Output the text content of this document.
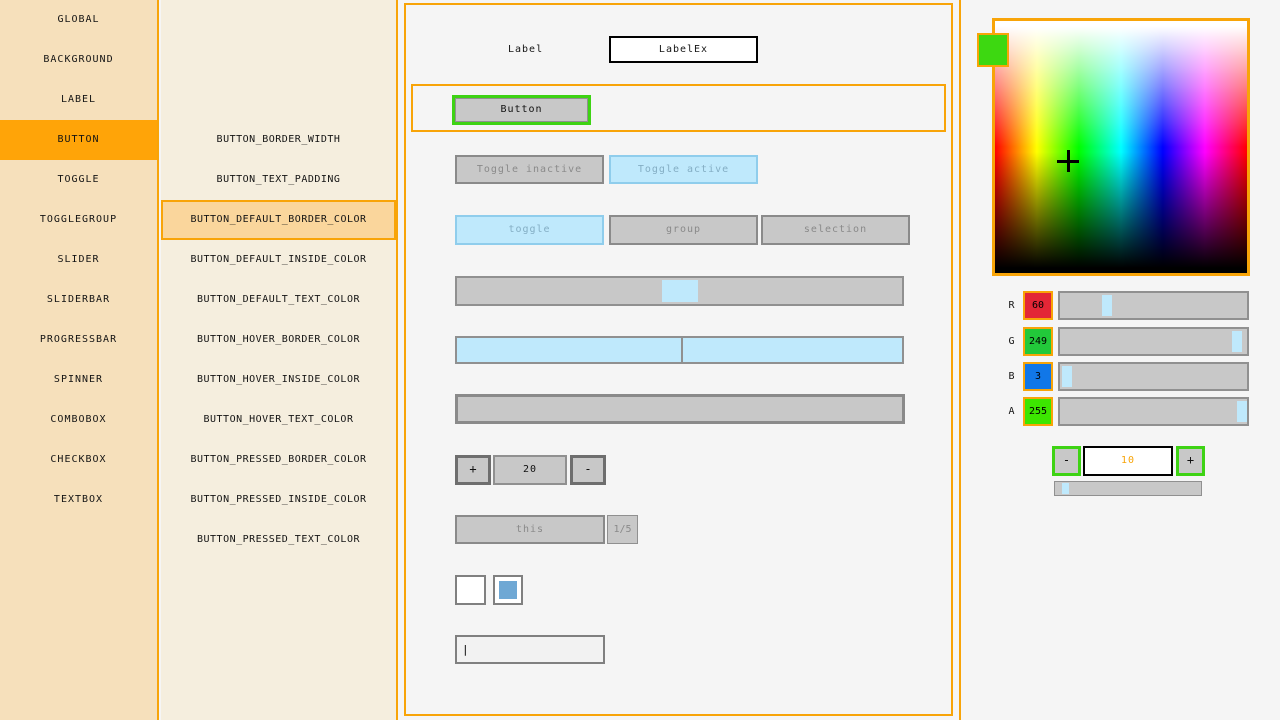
GLOBAL
BACKGROUND
LABEL
BUTTON
TOGGLE
TOGGLEGROUP
SLIDER
SLIDERBAR
PROGRESSBAR
SPINNER
COMBOBOX
CHECKBOX
TEXTBOX
BUTTON_BORDER_WIDTH
BUTTON_TEXT_PADDING
BUTTON_DEFAULT_BORDER_COLOR
BUTTON_DEFAULT_INSIDE_COLOR
BUTTON_DEFAULT_TEXT_COLOR
BUTTON_HOVER_BORDER_COLOR
BUTTON_HOVER_INSIDE_COLOR
BUTTON_HOVER_TEXT_COLOR
BUTTON_PRESSED_BORDER_COLOR
BUTTON_PRESSED_INSIDE_COLOR
BUTTON_PRESSED_TEXT_COLOR
Label	LabelEx
Button
Toggle inactive	Toggle active
toggle	group	selection
+	20	-
this	1/5
|
R	60
G	249
B	3
A	255
-	10	+
